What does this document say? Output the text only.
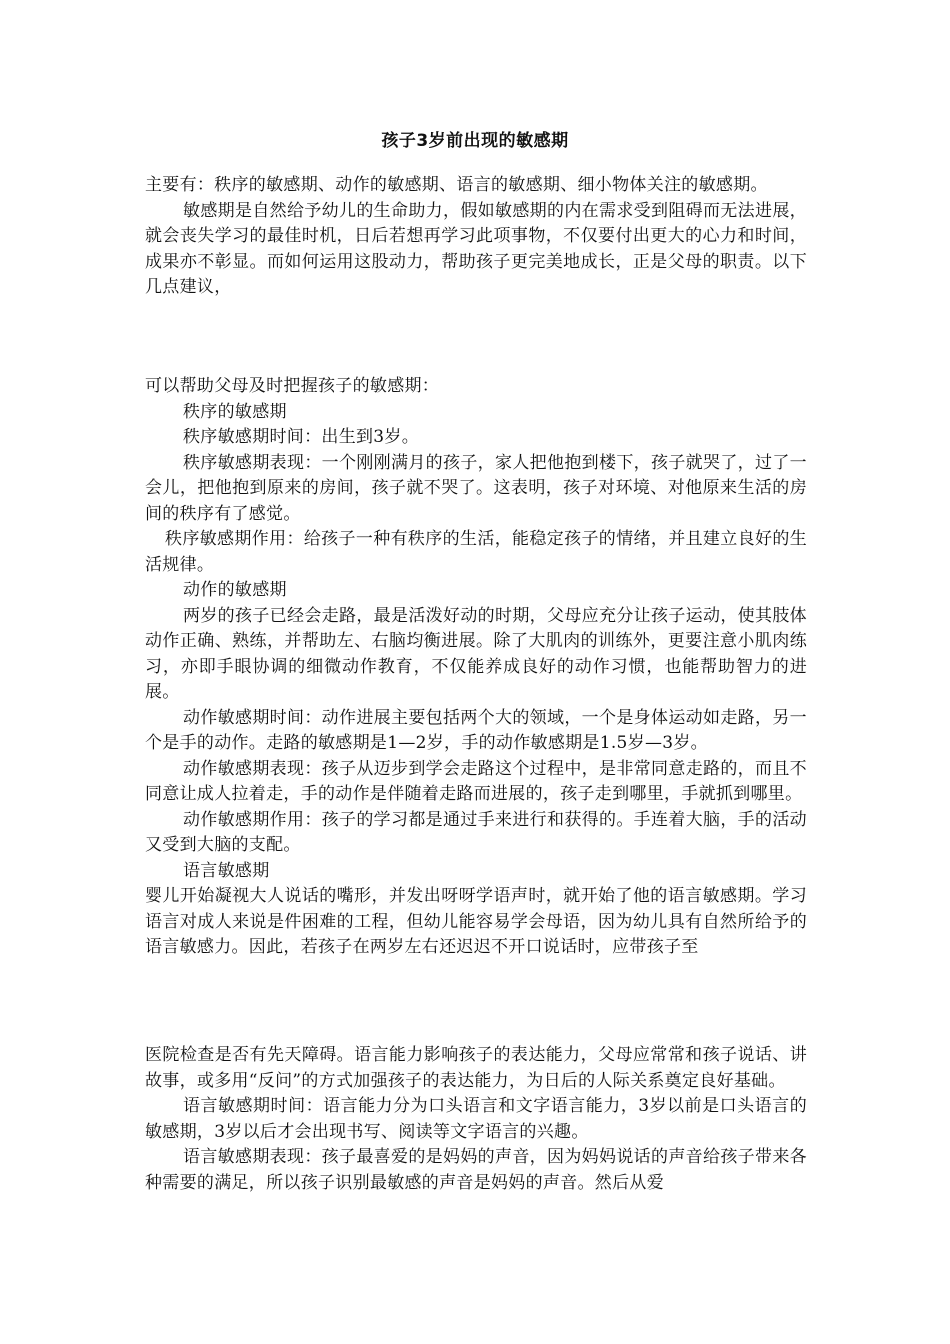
孩子3岁前出现的敏感期

主要有：秩序的敏感期、动作的敏感期、语言的敏感期、细小物体关注的敏感期。

敏感期是自然给予幼儿的生命助力，假如敏感期的内在需求受到阻碍而无法进展，就会丧失学习的最佳时机，日后若想再学习此项事物，不仅要付出更大的心力和时间，成果亦不彰显。而如何运用这股动力，帮助孩子更完美地成长，正是父母的职责。以下几点建议，

可以帮助父母及时把握孩子的敏感期：

秩序的敏感期

秩序敏感期时间：出生到3岁。

秩序敏感期表现：一个刚刚满月的孩子，家人把他抱到楼下，孩子就哭了，过了一会儿，把他抱到原来的房间，孩子就不哭了。这表明，孩子对环境、对他原来生活的房间的秩序有了感觉。

秩序敏感期作用：给孩子一种有秩序的生活，能稳定孩子的情绪，并且建立良好的生活规律。

动作的敏感期

两岁的孩子已经会走路，最是活泼好动的时期，父母应充分让孩子运动，使其肢体动作正确、熟练，并帮助左、右脑均衡进展。除了大肌肉的训练外，更要注意小肌肉练习，亦即手眼协调的细微动作教育，不仅能养成良好的动作习惯，也能帮助智力的进展。

动作敏感期时间：动作进展主要包括两个大的领域，一个是身体运动如走路，另一个是手的动作。走路的敏感期是1—2岁，手的动作敏感期是1.5岁—3岁。

动作敏感期表现：孩子从迈步到学会走路这个过程中，是非常同意走路的，而且不同意让成人拉着走，手的动作是伴随着走路而进展的，孩子走到哪里，手就抓到哪里。

动作敏感期作用：孩子的学习都是通过手来进行和获得的。手连着大脑，手的活动又受到大脑的支配。

语言敏感期

婴儿开始凝视大人说话的嘴形，并发出呀呀学语声时，就开始了他的语言敏感期。学习语言对成人来说是件困难的工程，但幼儿能容易学会母语，因为幼儿具有自然所给予的语言敏感力。因此，若孩子在两岁左右还迟迟不开口说话时，应带孩子至

医院检查是否有先天障碍。语言能力影响孩子的表达能力，父母应常常和孩子说话、讲故事，或多用“反问”的方式加强孩子的表达能力，为日后的人际关系奠定良好基础。

语言敏感期时间：语言能力分为口头语言和文字语言能力，3岁以前是口头语言的敏感期，3岁以后才会出现书写、阅读等文字语言的兴趣。

语言敏感期表现：孩子最喜爱的是妈妈的声音，因为妈妈说话的声音给孩子带来各种需要的满足，所以孩子识别最敏感的声音是妈妈的声音。然后从爱
